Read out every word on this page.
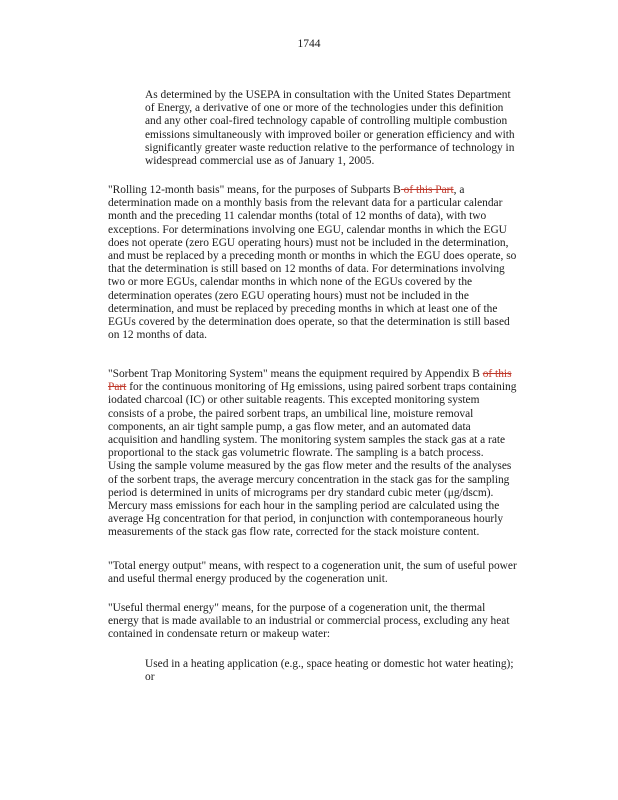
1744
As determined by the USEPA in consultation with the United States Department
of Energy, a derivative of one or more of the technologies under this definition
and any other coal-fired technology capable of controlling multiple combustion
emissions simultaneously with improved boiler or generation efficiency and with
significantly greater waste reduction relative to the performance of technology in
widespread commercial use as of January 1, 2005.
"Rolling 12-month basis" means, for the purposes of Subparts B of this Part, a
determination made on a monthly basis from the relevant data for a particular calendar
month and the preceding 11 calendar months (total of 12 months of data), with two
exceptions. For determinations involving one EGU, calendar months in which the EGU
does not operate (zero EGU operating hours) must not be included in the determination,
and must be replaced by a preceding month or months in which the EGU does operate, so
that the determination is still based on 12 months of data. For determinations involving
two or more EGUs, calendar months in which none of the EGUs covered by the
determination operates (zero EGU operating hours) must not be included in the
determination, and must be replaced by preceding months in which at least one of the
EGUs covered by the determination does operate, so that the determination is still based
on 12 months of data.
"Sorbent Trap Monitoring System" means the equipment required by Appendix B of this
Part for the continuous monitoring of Hg emissions, using paired sorbent traps containing
iodated charcoal (IC) or other suitable reagents. This excepted monitoring system
consists of a probe, the paired sorbent traps, an umbilical line, moisture removal
components, an air tight sample pump, a gas flow meter, and an automated data
acquisition and handling system. The monitoring system samples the stack gas at a rate
proportional to the stack gas volumetric flowrate. The sampling is a batch process.
Using the sample volume measured by the gas flow meter and the results of the analyses
of the sorbent traps, the average mercury concentration in the stack gas for the sampling
period is determined in units of micrograms per dry standard cubic meter (μg/dscm).
Mercury mass emissions for each hour in the sampling period are calculated using the
average Hg concentration for that period, in conjunction with contemporaneous hourly
measurements of the stack gas flow rate, corrected for the stack moisture content.
"Total energy output" means, with respect to a cogeneration unit, the sum of useful power
and useful thermal energy produced by the cogeneration unit.
"Useful thermal energy" means, for the purpose of a cogeneration unit, the thermal
energy that is made available to an industrial or commercial process, excluding any heat
contained in condensate return or makeup water:
Used in a heating application (e.g., space heating or domestic hot water heating);
or
